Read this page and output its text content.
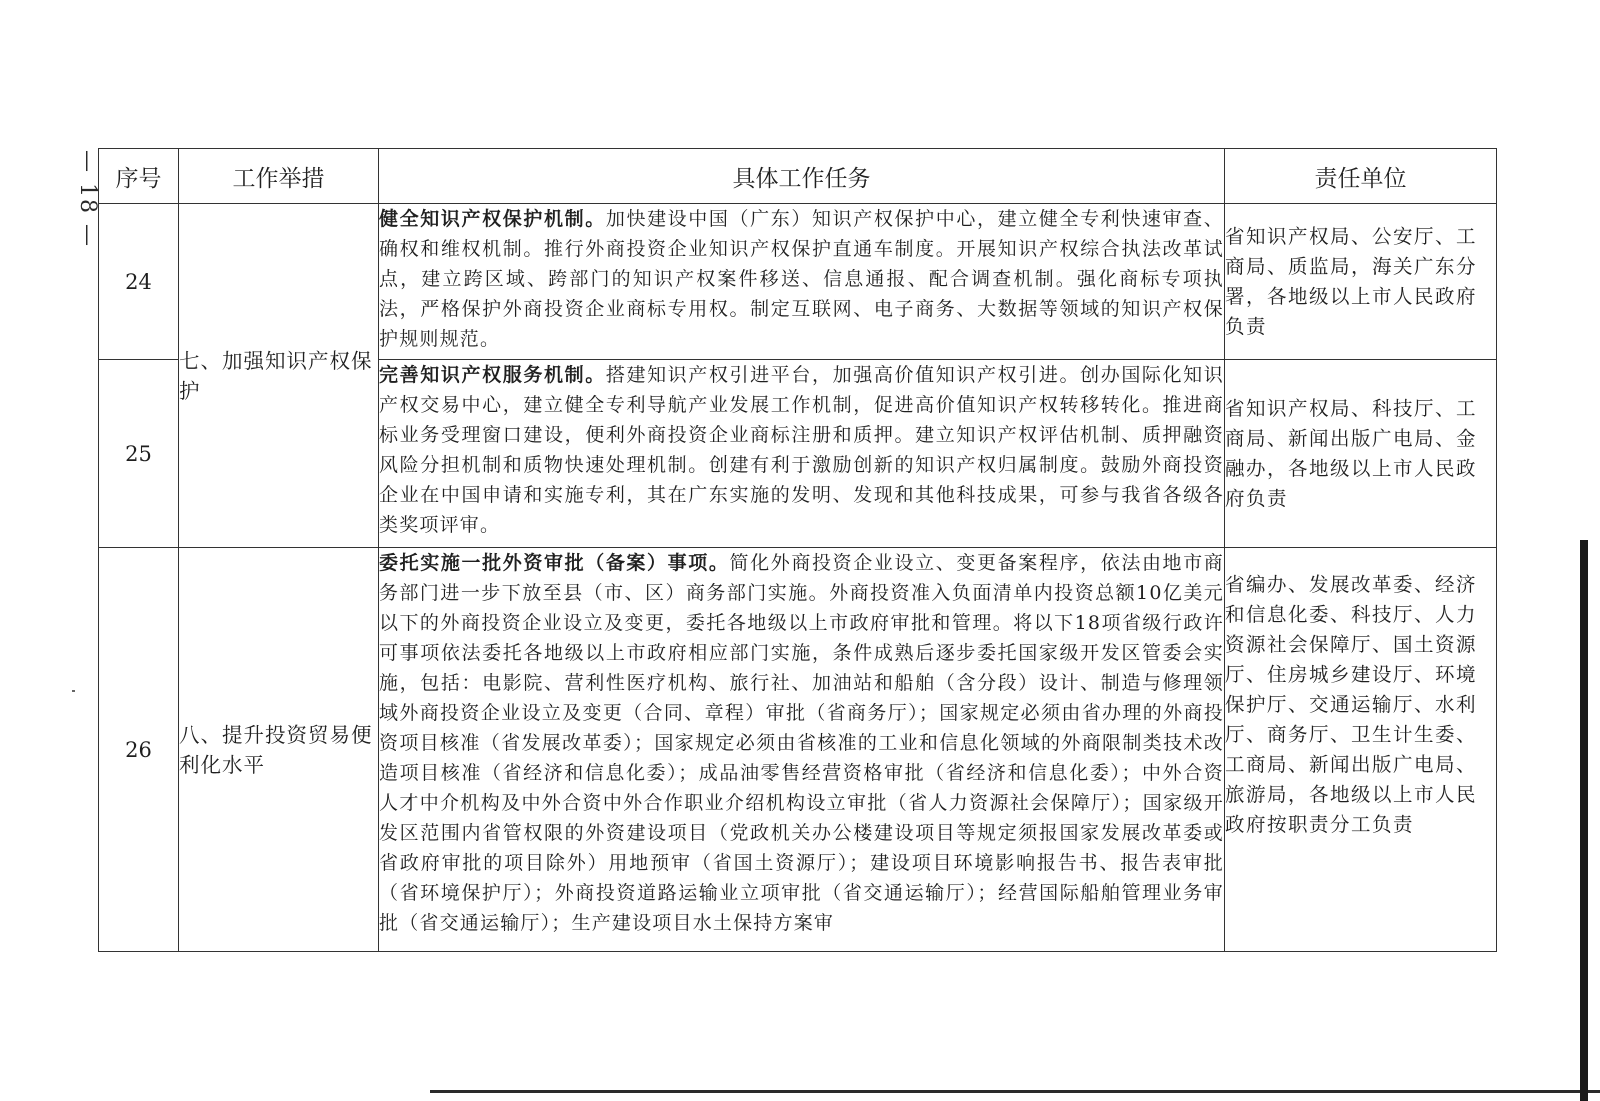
— 18 — 序号	工作举措	具体工作任务	责任单位
24	七、加强知识产权保护	健全知识产权保护机制。加快建设中国（广东）知识产权保护中心，建立健全专利快速审查、确权和维权机制。推行外商投资企业知识产权保护直通车制度。开展知识产权综合执法改革试点，建立跨区域、跨部门的知识产权案件移送、信息通报、配合调查机制。强化商标专项执法，严格保护外商投资企业商标专用权。制定互联网、电子商务、大数据等领域的知识产权保护规则规范。	省知识产权局、公安厅、工商局、质监局，海关广东分署，各地级以上市人民政府负责
25		完善知识产权服务机制。搭建知识产权引进平台，加强高价值知识产权引进。创办国际化知识产权交易中心，建立健全专利导航产业发展工作机制，促进高价值知识产权转移转化。推进商标业务受理窗口建设，便利外商投资企业商标注册和质押。建立知识产权评估机制、质押融资风险分担机制和质物快速处理机制。创建有利于激励创新的知识产权归属制度。鼓励外商投资企业在中国申请和实施专利，其在广东实施的发明、发现和其他科技成果，可参与我省各级各类奖项评审。	省知识产权局、科技厅、工商局、新闻出版广电局、金融办，各地级以上市人民政府负责
26	八、提升投资贸易便利化水平	委托实施一批外资审批（备案）事项。简化外商投资企业设立、变更备案程序，依法由地市商务部门进一步下放至县（市、区）商务部门实施。外商投资准入负面清单内投资总额10亿美元以下的外商投资企业设立及变更，委托各地级以上市政府审批和管理。将以下18项省级行政许可事项依法委托各地级以上市政府相应部门实施，条件成熟后逐步委托国家级开发区管委会实施，包括：电影院、营利性医疗机构、旅行社、加油站和船舶（含分段）设计、制造与修理领域外商投资企业设立及变更（合同、章程）审批（省商务厅）；国家规定必须由省办理的外商投资项目核准（省发展改革委）；国家规定必须由省核准的工业和信息化领域的外商限制类技术改造项目核准（省经济和信息化委）；成品油零售经营资格审批（省经济和信息化委）；中外合资人才中介机构及中外合资中外合作职业介绍机构设立审批（省人力资源社会保障厅）；国家级开发区范围内省管权限的外资建设项目（党政机关办公楼建设项目等规定须报国家发展改革委或省政府审批的项目除外）用地预审（省国土资源厅）；建设项目环境影响报告书、报告表审批（省环境保护厅）；外商投资道路运输业立项审批（省交通运输厅）；经营国际船舶管理业务审批（省交通运输厅）；生产建设项目水土保持方案审	省编办、发展改革委、经济和信息化委、科技厅、人力资源社会保障厅、国土资源厅、住房城乡建设厅、环境保护厅、交通运输厅、水利厅、商务厅、卫生计生委、工商局、新闻出版广电局、旅游局，各地级以上市人民政府按职责分工负责
